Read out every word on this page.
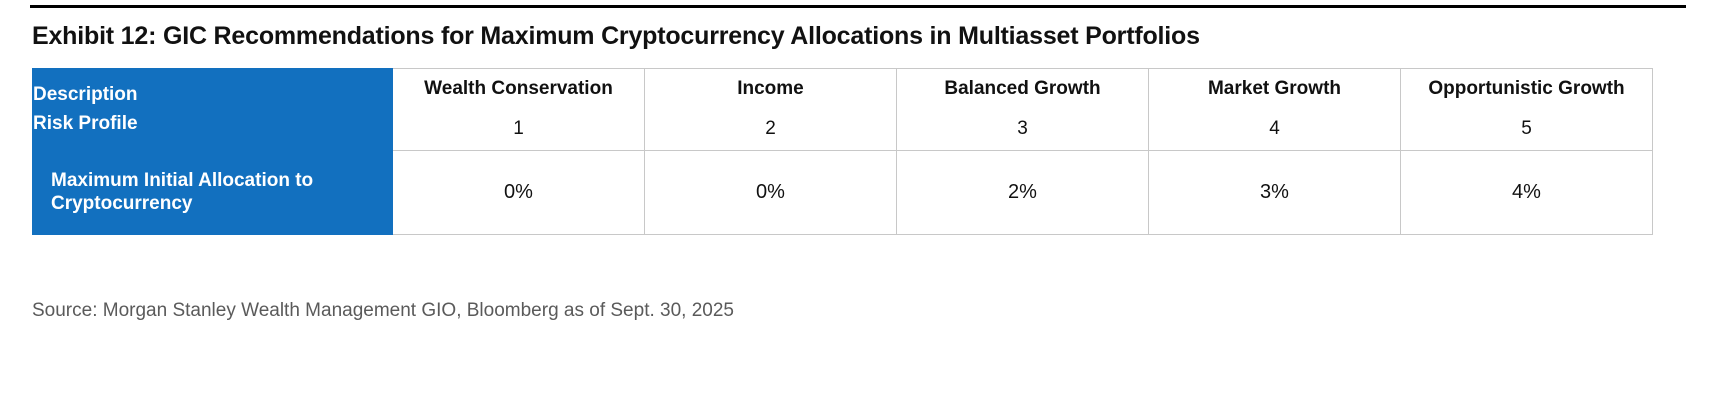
Exhibit 12: GIC Recommendations for Maximum Cryptocurrency Allocations in Multiasset Portfolios
Description	Wealth Conservation	Income	Balanced Growth	Market Growth	Opportunistic Growth
Risk Profile	1	2	3	4	5
Maximum Initial Allocation to Cryptocurrency	0%	0%	2%	3%	4%
Source: Morgan Stanley Wealth Management GIO, Bloomberg as of Sept. 30, 2025
